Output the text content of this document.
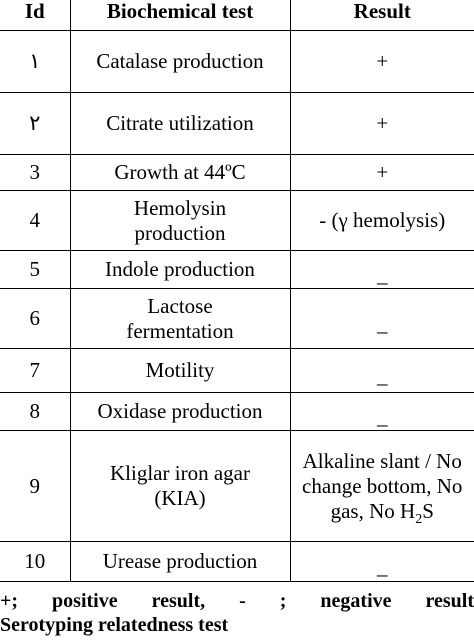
Id	Biochemical test	Result
١	Catalase production	+
٢	Citrate utilization	+
3	Growth at 44ºC	+
4	Hemolysin production	- (γ hemolysis)
5	Indole production	_
6	Lactose fermentation	_
7	Motility	_
8	Oxidase production	_
9	Kliglar iron agar (KIA)	Alkaline slant / No change bottom, No gas, No $H_2S$
10	Urease production	_
+; positive result, - ; negative result
Serotyping relatedness test
